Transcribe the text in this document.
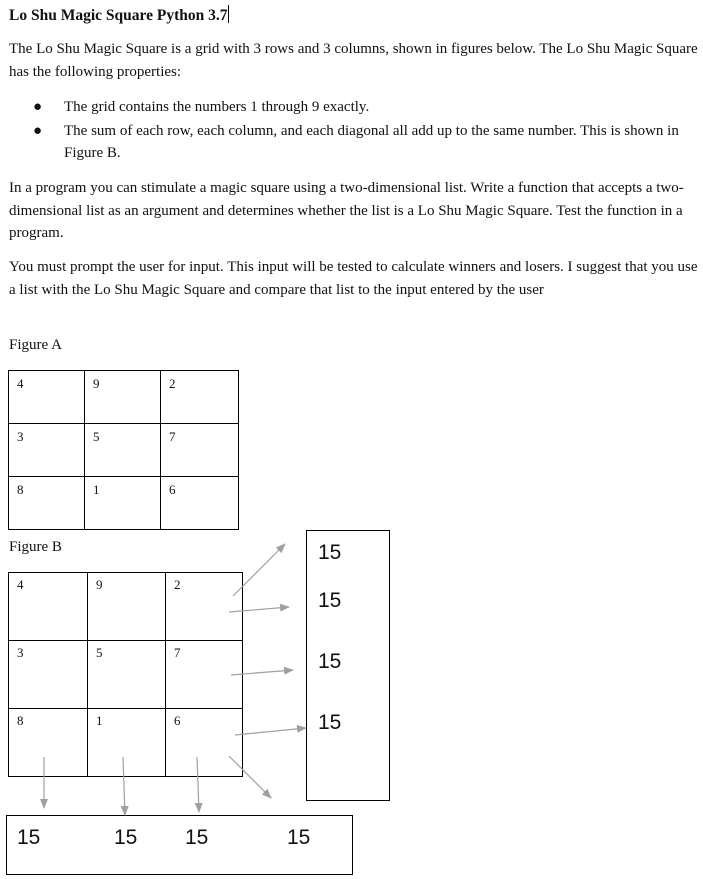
Lo Shu Magic Square Python 3.7
The Lo Shu Magic Square is a grid with 3 rows and 3 columns, shown in figures below. The Lo Shu Magic Square has the following properties:
● The grid contains the numbers 1 through 9 exactly.
● The sum of each row, each column, and each diagonal all add up to the same number. This is shown in Figure B.
In a program you can stimulate a magic square using a two-dimensional list. Write a function that accepts a two-dimensional list as an argument and determines whether the list is a Lo Shu Magic Square. Test the function in a program.
You must prompt the user for input. This input will be tested to calculate winners and losers. I suggest that you use a list with the Lo Shu Magic Square and compare that list to the input entered by the user
Figure A
4	9	2

3	5	7

8	1	6
Figure B
4	9	2

3	5	7

8	1	6
15
15
15
15
15	15 15	15
